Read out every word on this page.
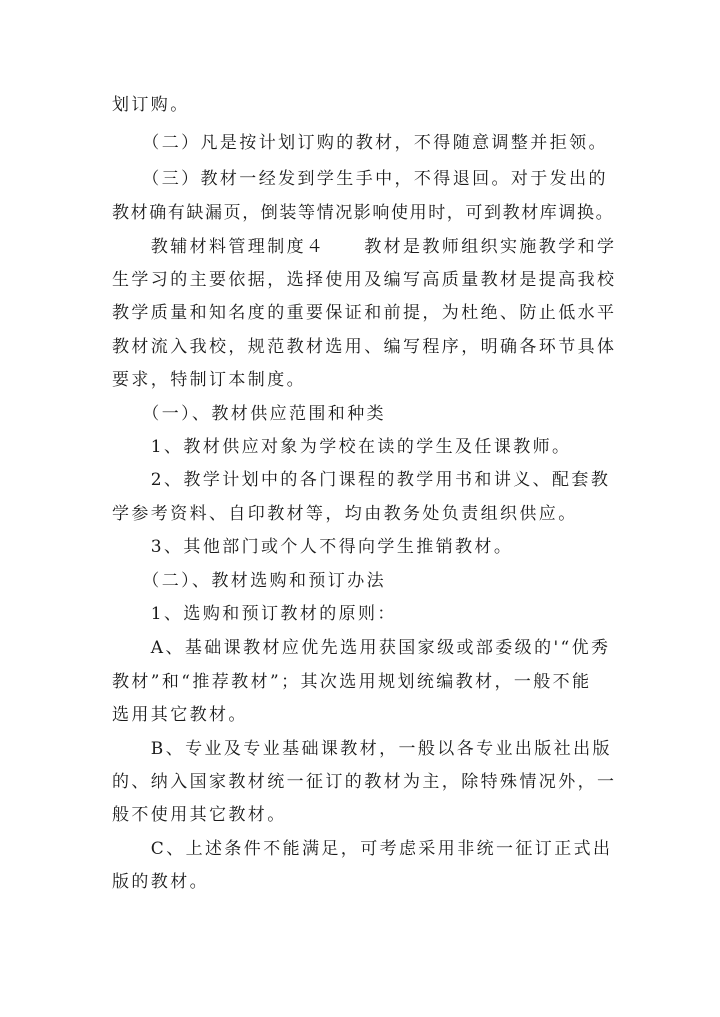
划订购。
　　（二）凡是按计划订购的教材，不得随意调整并拒领。
　　（三）教材一经发到学生手中，不得退回。对于发出的
教材确有缺漏页，倒装等情况影响使用时，可到教材库调换。
　　教辅材料管理制度４　　教材是教师组织实施教学和学
生学习的主要依据，选择使用及编写高质量教材是提高我校
教学质量和知名度的重要保证和前提，为杜绝、防止低水平
教材流入我校，规范教材选用、编写程序，明确各环节具体
要求，特制订本制度。
　　（一）、教材供应范围和种类
　　1、教材供应对象为学校在读的学生及任课教师。
　　2、教学计划中的各门课程的教学用书和讲义、配套教
学参考资料、自印教材等，均由教务处负责组织供应。
　　3、其他部门或个人不得向学生推销教材。
　　（二）、教材选购和预订办法
　　1、选购和预订教材的原则：
　　A、基础课教材应优先选用获国家级或部委级的'“优秀
教材”和“推荐教材”；其次选用规划统编教材，一般不能
选用其它教材。
　　B、专业及专业基础课教材，一般以各专业出版社出版
的、纳入国家教材统一征订的教材为主，除特殊情况外，一
般不使用其它教材。
　　C、上述条件不能满足，可考虑采用非统一征订正式出
版的教材。
